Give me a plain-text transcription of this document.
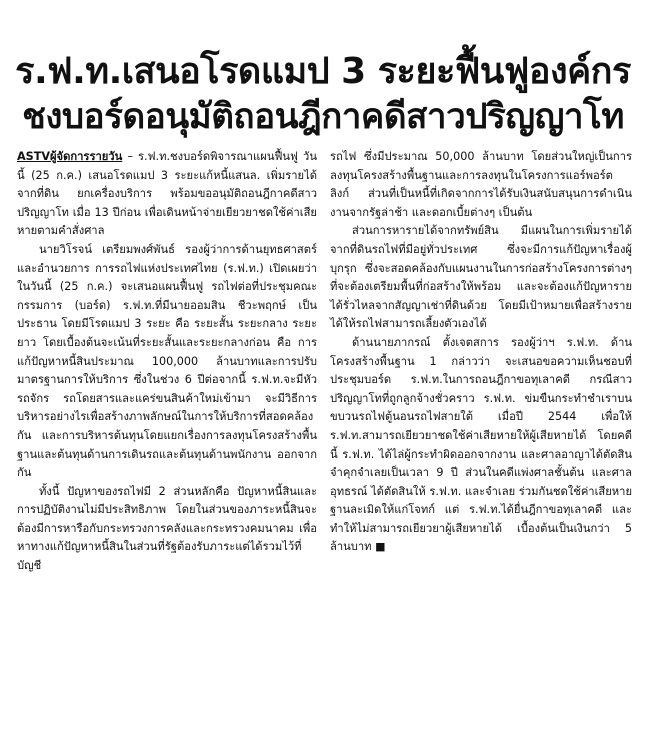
ร.ฟ.ท.เสนอโรดแมป 3 ระยะฟื้นฟูองค์กร
ชงบอร์ดอนุมัติถอนฎีกาคดีสาวปริญญาโท

ASTVผู้จัดการรายวัน – ร.ฟ.ท.ชงบอร์ดพิจารณาแผนฟื้นฟู วันนี้ (25 ก.ค.) เสนอโรดแมป 3 ระยะแก้หนี้แสนล. เพิ่มรายได้จากที่ดิน ยกเครื่องบริการ พร้อมขออนุมัติถอนฎีกาคดีสาวปริญญาโท เมื่อ 13 ปีก่อน เพื่อเดินหน้าจ่ายเยียวยาชดใช้ค่าเสียหายตามคำสั่งศาล

นายวิโรจน์ เตรียมพงศ์พันธ์ รองผู้ว่าการด้านยุทธศาสตร์และอำนวยการ การรถไฟแห่งประเทศไทย (ร.ฟ.ท.) เปิดเผยว่า ในวันนี้ (25 ก.ค.) จะเสนอแผนฟื้นฟู รถไฟต่อที่ประชุมคณะกรรมการ (บอร์ด) ร.ฟ.ท.ที่มีนายออมสิน ชีวะพฤกษ์ เป็นประธาน โดยมีโรดแมป 3 ระยะ คือ ระยะสั้น ระยะกลาง ระยะยาว โดยเบื้องต้นจะเน้นที่ระยะสั้นและระยะกลางก่อน คือ การแก้ปัญหาหนี้สินประมาณ 100,000 ล้านบาทและการปรับมาตรฐานการให้บริการ ซึ่งในช่วง 6 ปีต่อจากนี้ ร.ฟ.ท.จะมีหัวรถจักร รถโดยสารและแคร่ขนสินค้าใหม่เข้ามา จะมีวิธีการบริหารอย่างไรเพื่อสร้างภาพลักษณ์ในการให้บริการที่สอดคล้องกัน และการบริหารต้นทุนโดยแยกเรื่องการลงทุนโครงสร้างพื้นฐานและต้นทุนด้านการเดินรถและต้นทุนด้านพนักงาน ออกจากกัน

ทั้งนี้ ปัญหาของรถไฟมี 2 ส่วนหลักคือ ปัญหาหนี้สินและการปฏิบัติงานไม่มีประสิทธิภาพ โดยในส่วนของภาระหนี้สินจะต้องมีการหารือกับกระทรวงการคลังและกระทรวงคมนาคม เพื่อหาทางแก้ปัญหาหนี้สินในส่วนที่รัฐต้องรับภาระแต่ได้รวมไว้ที่บัญชี

รถไฟ ซึ่งมีประมาณ 50,000 ล้านบาท โดยส่วนใหญ่เป็นการลงทุนโครงสร้างพื้นฐานและการลงทุนในโครงการแอร์พอร์ตลิงก์ ส่วนที่เป็นหนี้ที่เกิดจากการได้รับเงินสนับสนุนการดำเนินงานจากรัฐล่าช้า และดอกเบี้ยต่างๆ เป็นต้น

ส่วนการหารายได้จากทรัพย์สิน มีแผนในการเพิ่มรายได้จากที่ดินรถไฟที่มีอยู่ทั่วประเทศ ซึ่งจะมีการแก้ปัญหาเรื่องผู้บุกรุก ซึ่งจะสอดคล้องกับแผนงานในการก่อสร้างโครงการต่างๆ ที่จะต้องเตรียมพื้นที่ก่อสร้างให้พร้อม และจะต้องแก้ปัญหารายได้รั่วไหลจากสัญญาเช่าที่ดินด้วย โดยมีเป้าหมายเพื่อสร้างรายได้ให้รถไฟสามารถเลี้ยงตัวเองได้

ด้านนายภากรณ์ ตั้งเจตสการ รองผู้ว่าฯ ร.ฟ.ท. ด้านโครงสร้างพื้นฐาน 1 กล่าวว่า จะเสนอขอความเห็นชอบที่ประชุมบอร์ด ร.ฟ.ท.ในการถอนฎีกาขอทุเลาคดี กรณีสาวปริญญาโทที่ถูกลูกจ้างชั่วคราว ร.ฟ.ท. ข่มขืนกระทำชำเราบนขบวนรถไฟตู้นอนรถไฟสายใต้ เมื่อปี 2544 เพื่อให้ ร.ฟ.ท.สามารถเยียวยาชดใช้ค่าเสียหายให้ผู้เสียหายได้ โดยคดีนี้ ร.ฟ.ท. ได้ไล่ผู้กระทำผิดออกจากงาน และศาลอาญาได้ตัดสินจำคุกจำเลยเป็นเวลา 9 ปี ส่วนในคดีแพ่งศาลชั้นต้น และศาลอุทธรณ์ ได้ตัดสินให้ ร.ฟ.ท. และจำเลย ร่วมกันชดใช้ค่าเสียหายฐานละเมิดให้แก่โจทก์ แต่ ร.ฟ.ท.ได้ยื่นฎีกาขอทุเลาคดี และทำให้ไม่สามารถเยียวยาผู้เสียหายได้ เบื้องต้นเป็นเงินกว่า 5 ล้านบาท ■
